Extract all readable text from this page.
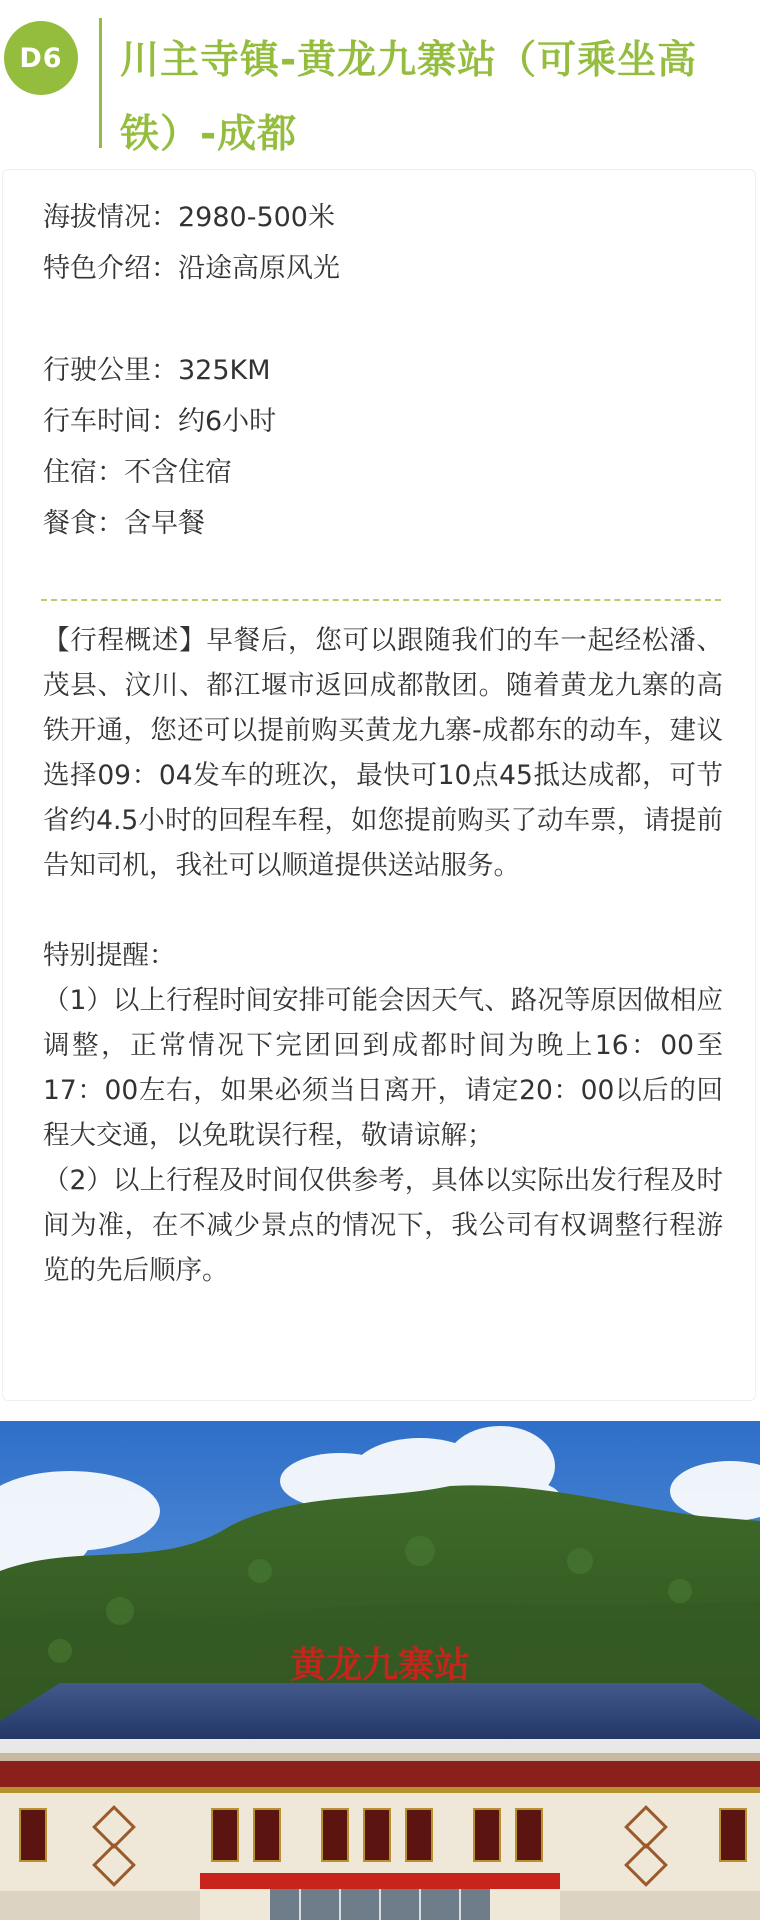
D6	川主寺镇-黄龙九寨站（可乘坐高铁）-成都
海拔情况：2980-500米
特色介绍：沿途高原风光
行驶公里：325KM
行车时间：约6小时
住宿：不含住宿
餐食：含早餐

【行程概述】早餐后，您可以跟随我们的车一起经松潘、茂县、汶川、都江堰市返回成都散团。随着黄龙九寨的高铁开通，您还可以提前购买黄龙九寨-成都东的动车，建议选择09：04发车的班次，最快可10点45抵达成都，可节省约4.5小时的回程车程，如您提前购买了动车票，请提前告知司机，我社可以顺道提供送站服务。

特别提醒：

（1）以上行程时间安排可能会因天气、路况等原因做相应调整，正常情况下完团回到成都时间为晚上16：00至17：00左右，如果必须当日离开，请定20：00以后的回程大交通，以免耽误行程，敬请谅解；

（2）以上行程及时间仅供参考，具体以实际出发行程及时间为准，在不减少景点的情况下，我公司有权调整行程游览的先后顺序。

黄龙九寨站
